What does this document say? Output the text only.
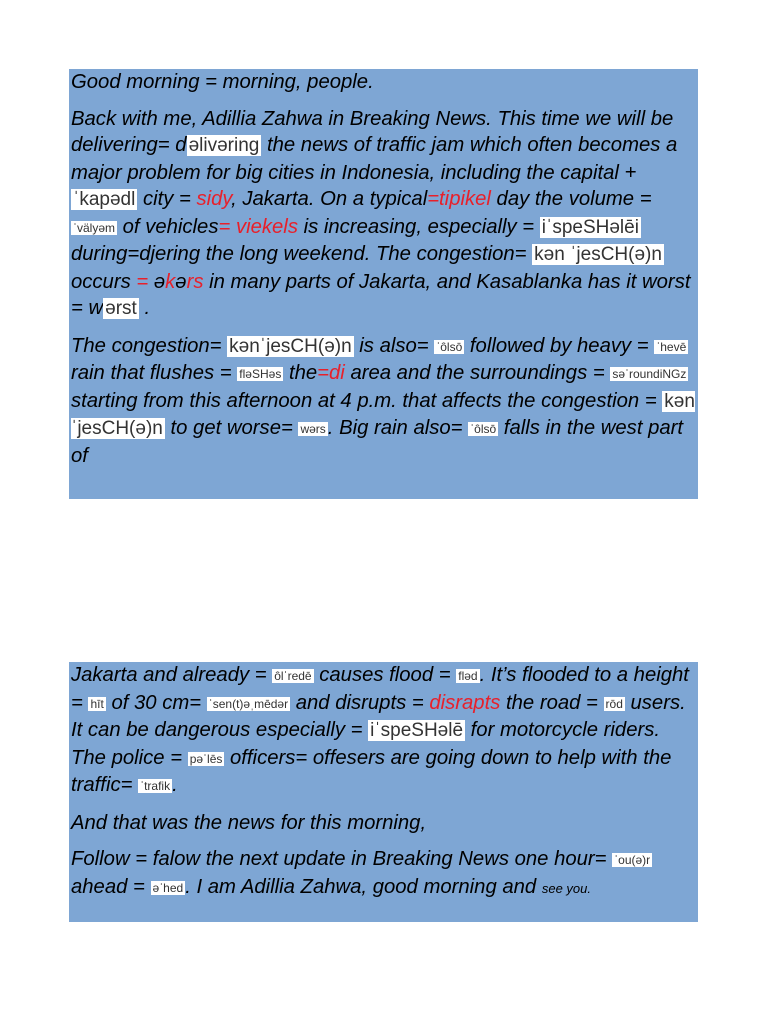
Good morning = morning, people.

Back with me, Adillia Zahwa in Breaking News. This time we will be delivering= d əlivəring the news of traffic jam which often becomes a major problem for big cities in Indonesia, including the capital + ˈkapədl city = sidy, Jakarta. On a typical=tipikel day the volume = ˈvälyəm of vehicles= viekels is increasing, especially = iˈspeSHəlēi during=djering the long weekend. The congestion= kən ˈjesCH(ə)n occurs = əkərs in many parts of Jakarta, and Kasablanka has it worst = w ərst .

The congestion= kənˈjesCH(ə)n is also= ˈôlsō followed by heavy = ˈhevē rain that flushes = fləSHəs the=di area and the surroundings = səˈroundiNGz starting from this afternoon at 4 p.m. that affects the congestion = kənˈjesCH(ə)n to get worse= wərs. Big rain also= ˈôlsō falls in the west part of

Jakarta and already = ôlˈredē causes flood = fləd. It’s flooded to a height = hīt of 30 cm= ˈsen(t)əˌmēdər and disrupts = disrapts the road = rōd users. It can be dangerous especially = iˈspeSHəlē for motorcycle riders. The police = pəˈlēs officers= offesers are going down to help with the traffic= ˈtrafik.

And that was the news for this morning,

Follow = falow the next update in Breaking News one hour= ˈou(ə)r ahead = əˈhed. I am Adillia Zahwa, good morning and see you.
